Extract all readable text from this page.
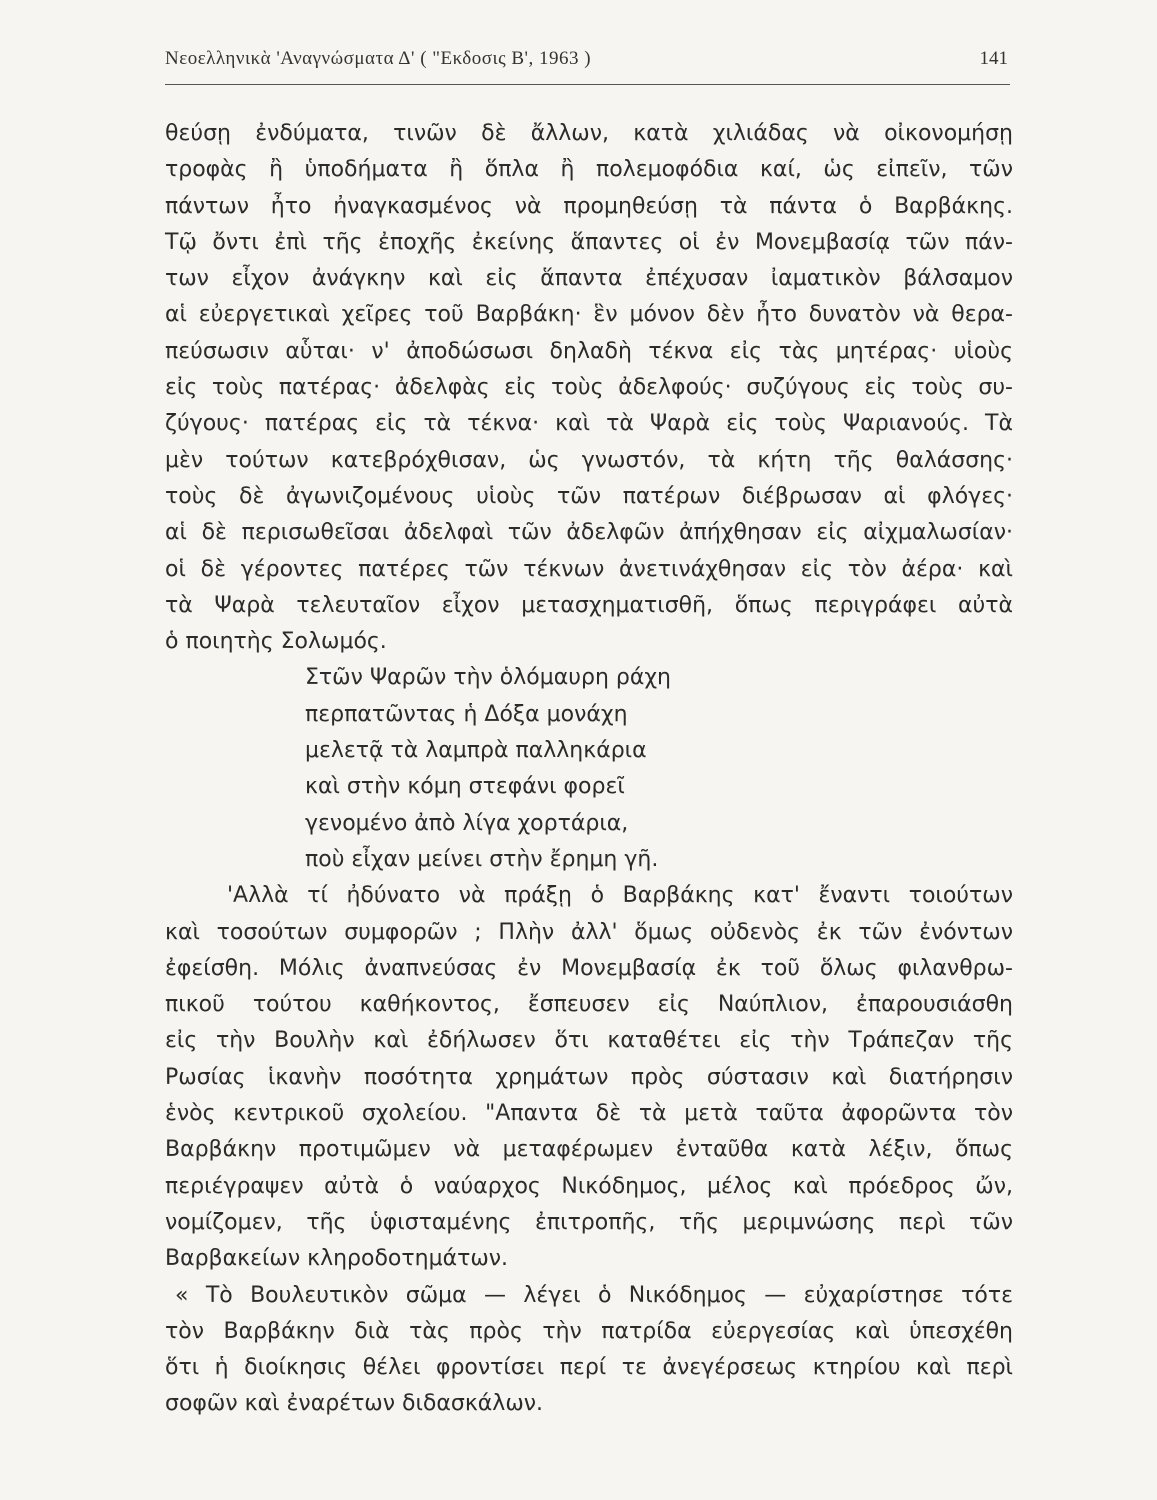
Νεοελληνικὰ 'Αναγνώσματα Δ' ( "Εκδοσις Β', 1963 )	141
θεύσῃ ἐνδύματα, τινῶν δὲ ἄλλων, κατὰ χιλιάδας νὰ οἰκονομήσῃ
τροφὰς ἢ ὑποδήματα ἢ ὅπλα ἢ πολεμοφόδια καί, ὡς εἰπεῖν, τῶν
πάντων ἦτο ἠναγκασμένος νὰ προμηθεύσῃ τὰ πάντα ὁ Βαρβάκης.
Τῷ ὄντι ἐπὶ τῆς ἐποχῆς ἐκείνης ἅπαντες οἱ ἐν Μονεμβασίᾳ τῶν πάν-
των εἶχον ἀνάγκην καὶ εἰς ἅπαντα ἐπέχυσαν ἰαματικὸν βάλσαμον
αἱ εὐεργετικαὶ χεῖρες τοῦ Βαρβάκη· ἓν μόνον δὲν ἦτο δυνατὸν νὰ θερα-
πεύσωσιν αὗται· ν' ἀποδώσωσι δηλαδὴ τέκνα εἰς τὰς μητέρας· υἱοὺς
εἰς τοὺς πατέρας· ἀδελφὰς εἰς τοὺς ἀδελφούς· συζύγους εἰς τοὺς συ-
ζύγους· πατέρας εἰς τὰ τέκνα· καὶ τὰ Ψαρὰ εἰς τοὺς Ψαριανούς. Τὰ
μὲν τούτων κατεβρόχθισαν, ὡς γνωστόν, τὰ κήτη τῆς θαλάσσης·
τοὺς δὲ ἀγωνιζομένους υἱοὺς τῶν πατέρων διέβρωσαν αἱ φλόγες·
αἱ δὲ περισωθεῖσαι ἀδελφαὶ τῶν ἀδελφῶν ἀπήχθησαν εἰς αἰχμαλωσίαν·
οἱ δὲ γέροντες πατέρες τῶν τέκνων ἀνετινάχθησαν εἰς τὸν ἀέρα· καὶ
τὰ Ψαρὰ τελευταῖον εἶχον μετασχηματισθῆ, ὅπως περιγράφει αὐτὰ
ὁ ποιητὴς Σολωμός.
Στῶν Ψαρῶν τὴν ὁλόμαυρη ράχη
περπατῶντας ἡ Δόξα μονάχη
μελετᾷ τὰ λαμπρὰ παλληκάρια
καὶ στὴν κόμη στεφάνι φορεῖ
γενομένο ἀπὸ λίγα χορτάρια,
ποὺ εἶχαν μείνει στὴν ἔρημη γῆ.
'Αλλὰ τί ἠδύνατο νὰ πράξῃ ὁ Βαρβάκης κατ' ἔναντι τοιούτων
καὶ τοσούτων συμφορῶν ; Πλὴν ἀλλ' ὅμως οὐδενὸς ἐκ τῶν ἐνόντων
ἐφείσθη. Μόλις ἀναπνεύσας ἐν Μονεμβασίᾳ ἐκ τοῦ ὅλως φιλανθρω-
πικοῦ τούτου καθήκοντος, ἔσπευσεν εἰς Ναύπλιον, ἐπαρουσιάσθη
εἰς τὴν Βουλὴν καὶ ἐδήλωσεν ὅτι καταθέτει εἰς τὴν Τράπεζαν τῆς
Ρωσίας ἱκανὴν ποσότητα χρημάτων πρὸς σύστασιν καὶ διατήρησιν
ἑνὸς κεντρικοῦ σχολείου. "Απαντα δὲ τὰ μετὰ ταῦτα ἀφορῶντα τὸν
Βαρβάκην προτιμῶμεν νὰ μεταφέρωμεν ἐνταῦθα κατὰ λέξιν, ὅπως
περιέγραψεν αὐτὰ ὁ ναύαρχος Νικόδημος, μέλος καὶ πρόεδρος ὤν,
νομίζομεν, τῆς ὑφισταμένης ἐπιτροπῆς, τῆς μεριμνώσης περὶ τῶν
Βαρβακείων κληροδοτημάτων.
« Τὸ Βουλευτικὸν σῶμα — λέγει ὁ Νικόδημος — εὐχαρίστησε τότε
τὸν Βαρβάκην διὰ τὰς πρὸς τὴν πατρίδα εὐεργεσίας καὶ ὑπεσχέθη
ὅτι ἡ διοίκησις θέλει φροντίσει περί τε ἀνεγέρσεως κτηρίου καὶ περὶ
σοφῶν καὶ ἐναρέτων διδασκάλων.
